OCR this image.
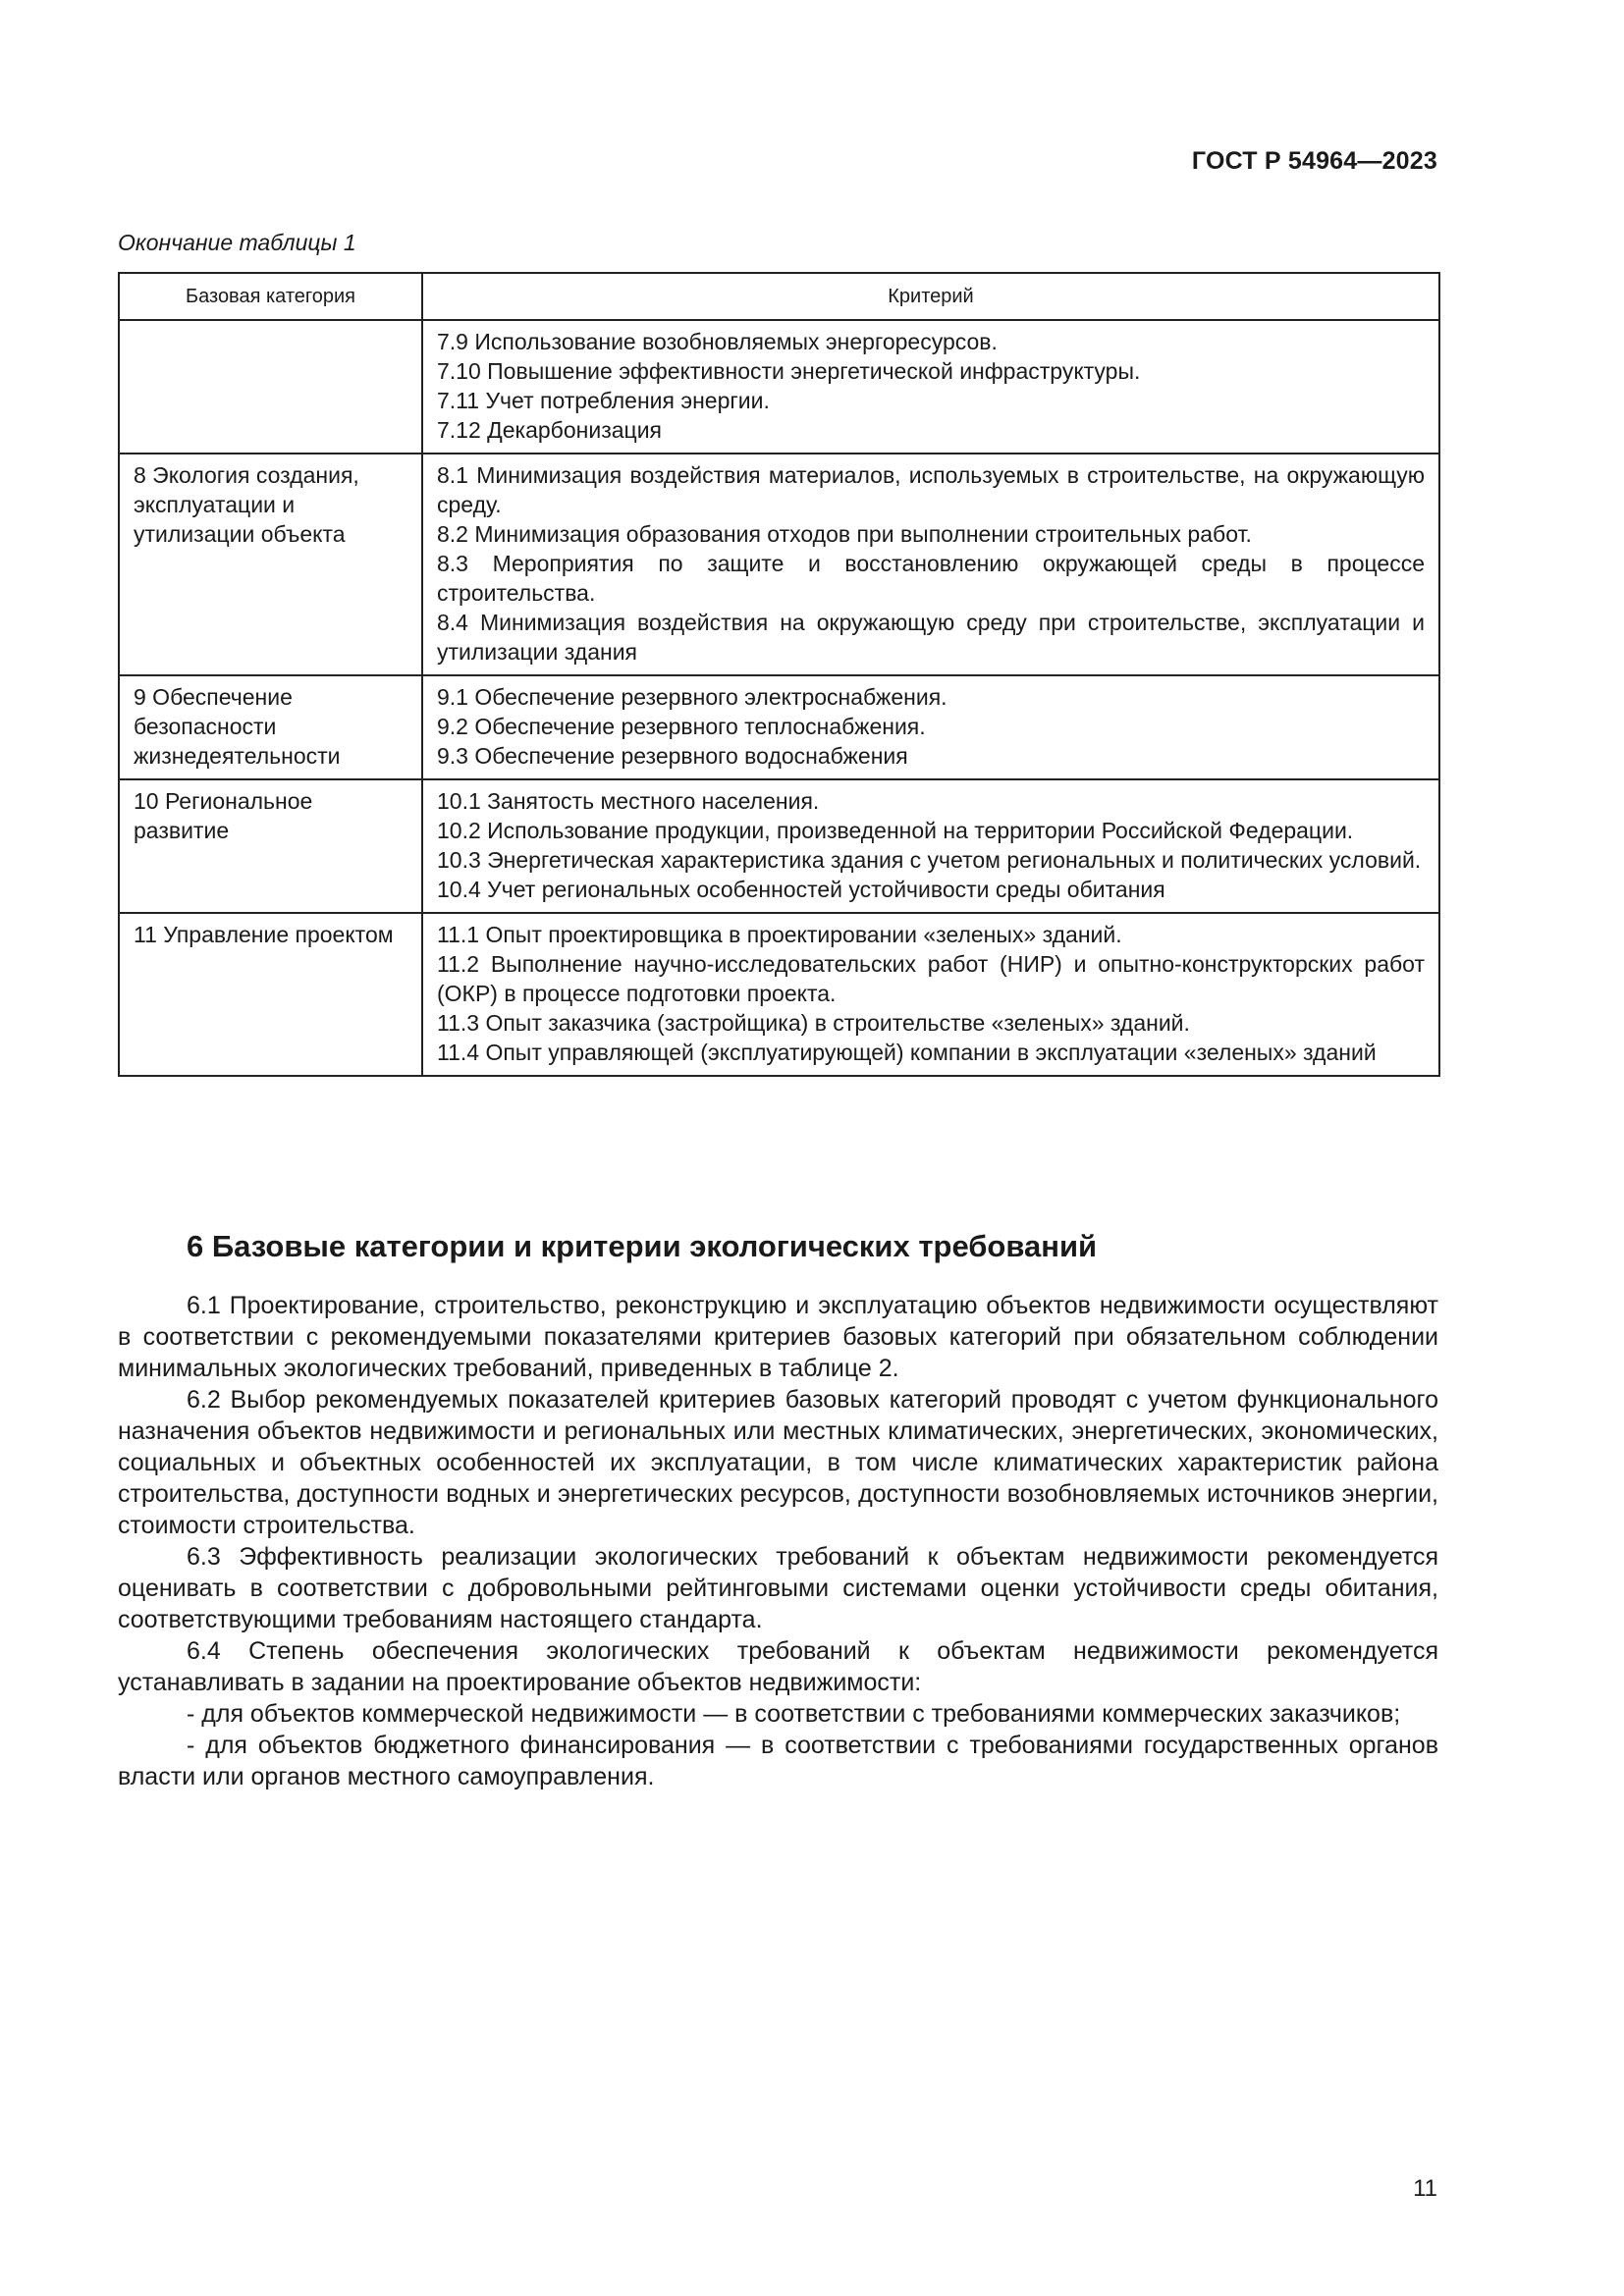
ГОСТ Р 54964—2023
Окончание таблицы 1
Базовая категория	Критерий

	7.9 Использование возобновляемых энергоресурсов.
7.10 Повышение эффективности энергетической инфраструктуры.
7.11 Учет потребления энергии.
7.12 Декарбонизация

8 Экология создания, эксплуатации и утилизации объекта	8.1 Минимизация воздействия материалов, используемых в строительстве, на окружающую среду.
8.2 Минимизация образования отходов при выполнении строительных работ.
8.3 Мероприятия по защите и восстановлению окружающей среды в процессе строительства.
8.4 Минимизация воздействия на окружающую среду при строительстве, эксплуатации и утилизации здания

9 Обеспечение безопасности жизнедеятельности	9.1 Обеспечение резервного электроснабжения.
9.2 Обеспечение резервного теплоснабжения.
9.3 Обеспечение резервного водоснабжения

10 Региональное развитие	10.1 Занятость местного населения.
10.2 Использование продукции, произведенной на территории Российской Федерации.
10.3 Энергетическая характеристика здания с учетом региональных и политических условий.
10.4 Учет региональных особенностей устойчивости среды обитания

11 Управление проектом	11.1 Опыт проектировщика в проектировании «зеленых» зданий.
11.2 Выполнение научно-исследовательских работ (НИР) и опытно-конструкторских работ (ОКР) в процессе подготовки проекта.
11.3 Опыт заказчика (застройщика) в строительстве «зеленых» зданий.
11.4 Опыт управляющей (эксплуатирующей) компании в эксплуатации «зеленых» зданий
6 Базовые категории и критерии экологических требований

6.1 Проектирование, строительство, реконструкцию и эксплуатацию объектов недвижимости осуществляют в соответствии с рекомендуемыми показателями критериев базовых категорий при обязательном соблюдении минимальных экологических требований, приведенных в таблице 2.

6.2 Выбор рекомендуемых показателей критериев базовых категорий проводят с учетом функционального назначения объектов недвижимости и региональных или местных климатических, энергетических, экономических, социальных и объектных особенностей их эксплуатации, в том числе климатических характеристик района строительства, доступности водных и энергетических ресурсов, доступности возобновляемых источников энергии, стоимости строительства.

6.3 Эффективность реализации экологических требований к объектам недвижимости рекомендуется оценивать в соответствии с добровольными рейтинговыми системами оценки устойчивости среды обитания, соответствующими требованиям настоящего стандарта.

6.4 Степень обеспечения экологических требований к объектам недвижимости рекомендуется устанавливать в задании на проектирование объектов недвижимости:

- для объектов коммерческой недвижимости — в соответствии с требованиями коммерческих заказчиков;

- для объектов бюджетного финансирования — в соответствии с требованиями государственных органов власти или органов местного самоуправления.

11
